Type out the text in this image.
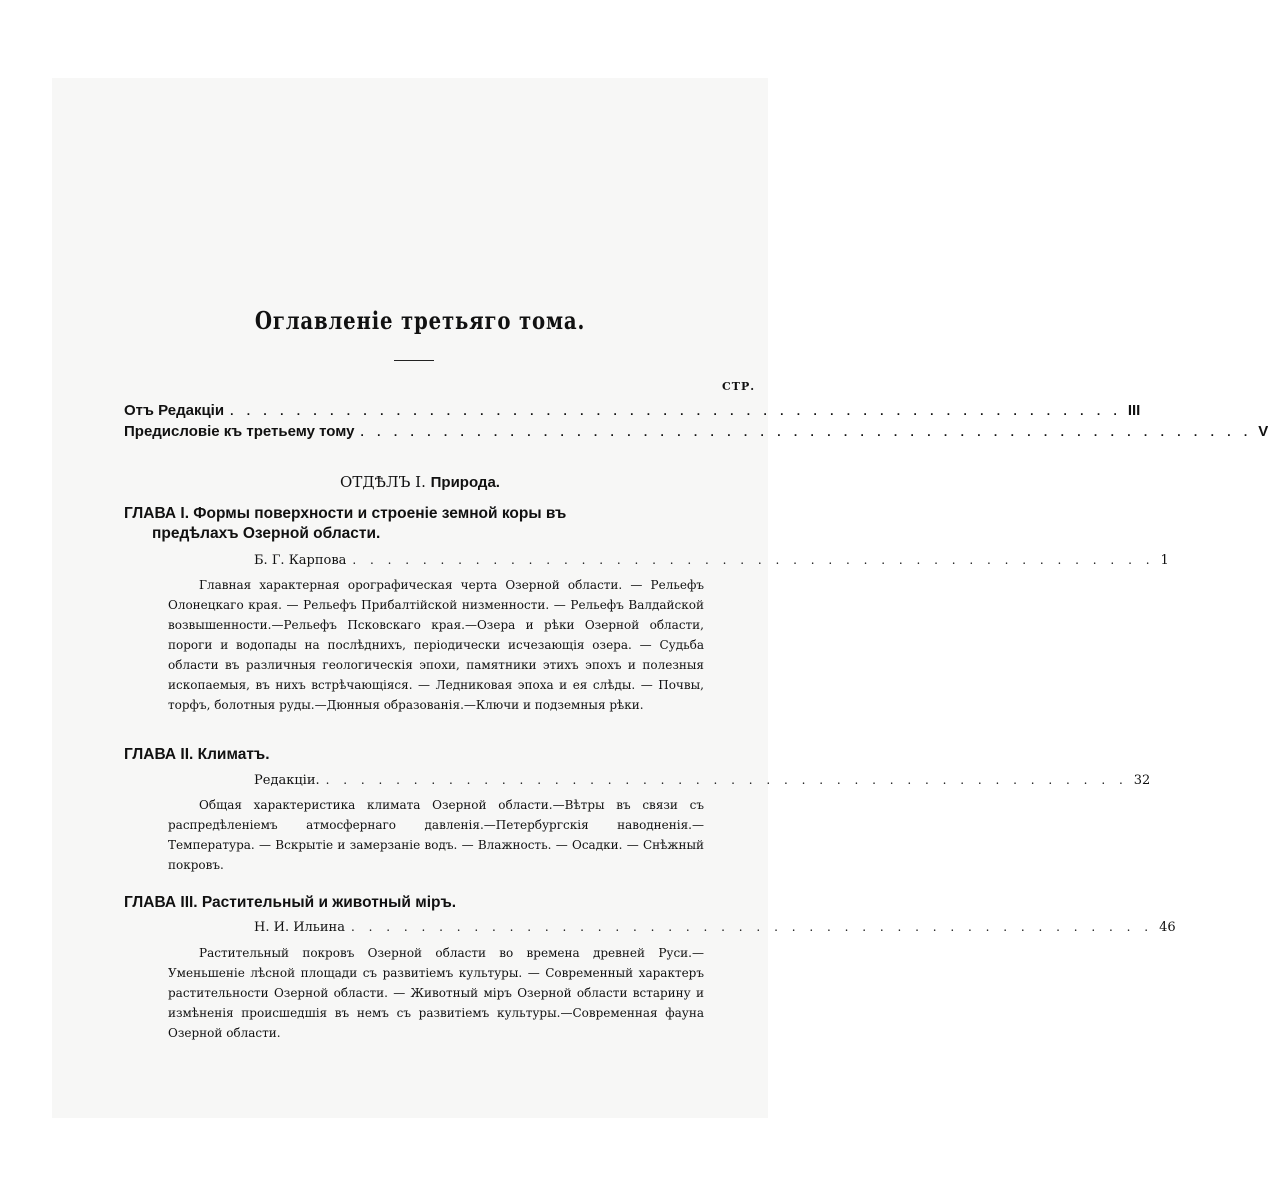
Оглавленіе третьяго тома.
СТР.
Отъ Редакціи . . . . . . . . . . . . . . . . . . . . . . . . . . . . . . . . . . . . . . . . . . . . . . . . . . . . . . III
Предисловіе къ третьему тому . . . . . . . . . . . . . . . . . . . . . . . . . . . . . . . . . . . . . . . . . . . . . . . . . . . . . . V
ОТДѢЛЪ I. Природа.
ГЛАВА I. Формы поверхности и строеніе земной коры въ
предѣлахъ Озерной области.
Б. Г. Карпова . . . . . . . . . . . . . . . . . . . . . . . . . . . . . . . . . . . . . . . . . . . . . . 1
Главная характерная орографическая черта Озерной области. — Рельефъ Олонецкаго края. — Рельефъ Прибалтійской низменности. — Рельефъ Валдайской возвышенности.—Рельефъ Псковскаго края.—Озера и рѣки Озерной области, пороги и водопады на послѣднихъ, періодически исчезающія озера. — Судьба области въ различныя геологическія эпохи, памятники этихъ эпохъ и полезныя ископаемыя, въ нихъ встрѣчающіяся. — Ледниковая эпоха и ея слѣды. — Почвы, торфъ, болотныя руды.—Дюнныя образованія.—Ключи и подземныя рѣки.
ГЛАВА II. Климатъ.
Редакціи. . . . . . . . . . . . . . . . . . . . . . . . . . . . . . . . . . . . . . . . . . . . . . . 32
Общая характеристика климата Озерной области.—Вѣтры въ связи съ распредѣленіемъ атмосфернаго давленія.—Петербургскія наводненія.— Температура. — Вскрытіе и замерзаніе водъ. — Влажность. — Осадки. — Снѣжный покровъ.
ГЛАВА III. Растительный и животный міръ.
Н. И. Ильина . . . . . . . . . . . . . . . . . . . . . . . . . . . . . . . . . . . . . . . . . . . . . . 46
Растительный покровъ Озерной области во времена древней Руси.— Уменьшеніе лѣсной площади съ развитіемъ культуры. — Современный характеръ растительности Озерной области. — Животный міръ Озерной области встарину и измѣненія происшедшія въ немъ съ развитіемъ культуры.—Современная фауна Озерной области.
